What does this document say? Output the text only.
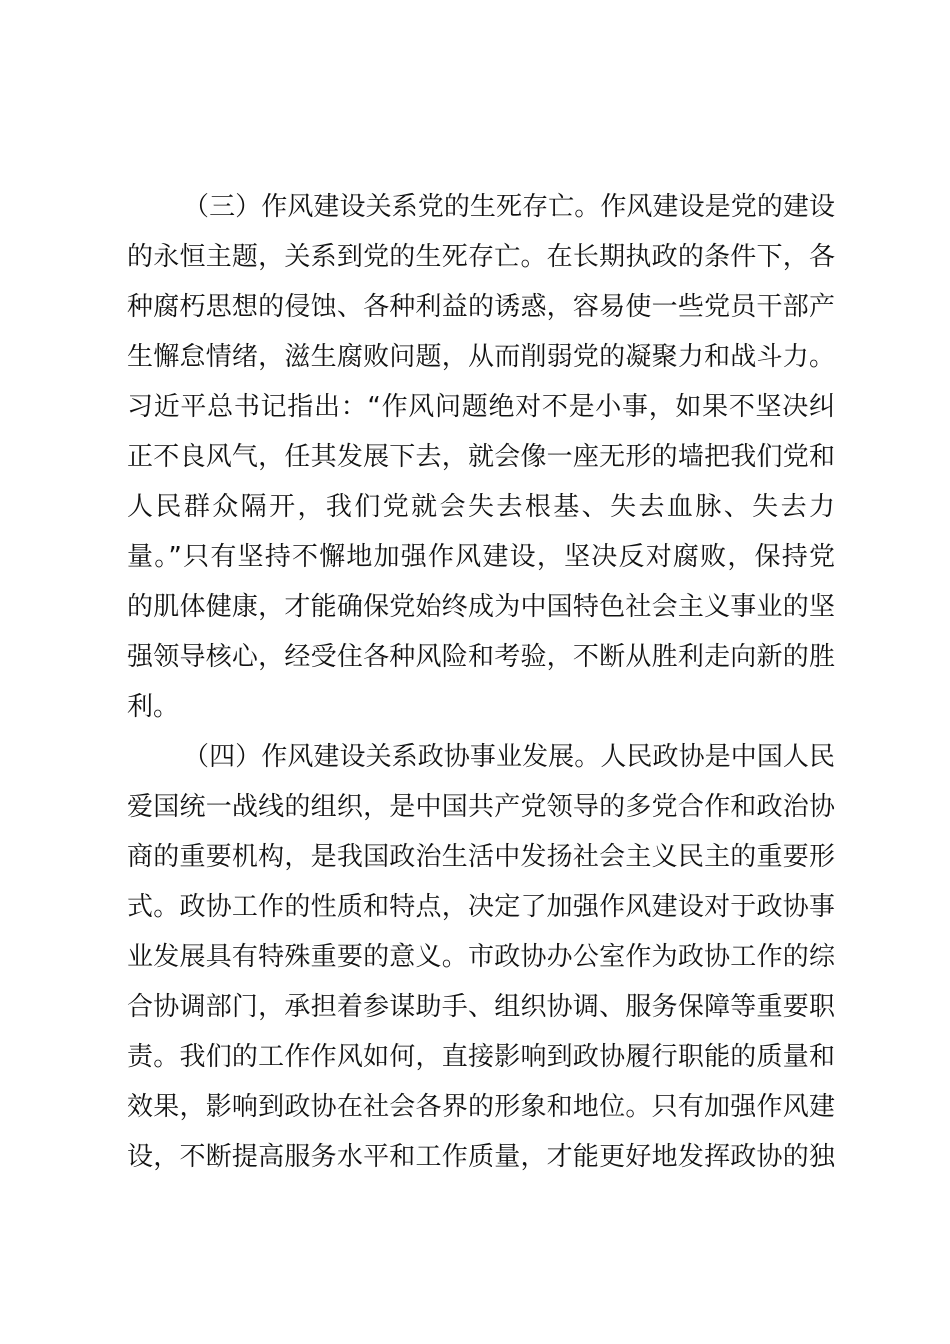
（三）作风建设关系党的生死存亡。作风建设是党的建设
的永恒主题，关系到党的生死存亡。在长期执政的条件下，各
种腐朽思想的侵蚀、各种利益的诱惑，容易使一些党员干部产
生懈怠情绪，滋生腐败问题，从而削弱党的凝聚力和战斗力。
习近平总书记指出：“作风问题绝对不是小事，如果不坚决纠
正不良风气，任其发展下去，就会像一座无形的墙把我们党和
人民群众隔开，我们党就会失去根基、失去血脉、失去力
量。”只有坚持不懈地加强作风建设，坚决反对腐败，保持党
的肌体健康，才能确保党始终成为中国特色社会主义事业的坚
强领导核心，经受住各种风险和考验，不断从胜利走向新的胜
利。
（四）作风建设关系政协事业发展。人民政协是中国人民
爱国统一战线的组织，是中国共产党领导的多党合作和政治协
商的重要机构，是我国政治生活中发扬社会主义民主的重要形
式。政协工作的性质和特点，决定了加强作风建设对于政协事
业发展具有特殊重要的意义。市政协办公室作为政协工作的综
合协调部门，承担着参谋助手、组织协调、服务保障等重要职
责。我们的工作作风如何，直接影响到政协履行职能的质量和
效果，影响到政协在社会各界的形象和地位。只有加强作风建
设，不断提高服务水平和工作质量，才能更好地发挥政协的独
